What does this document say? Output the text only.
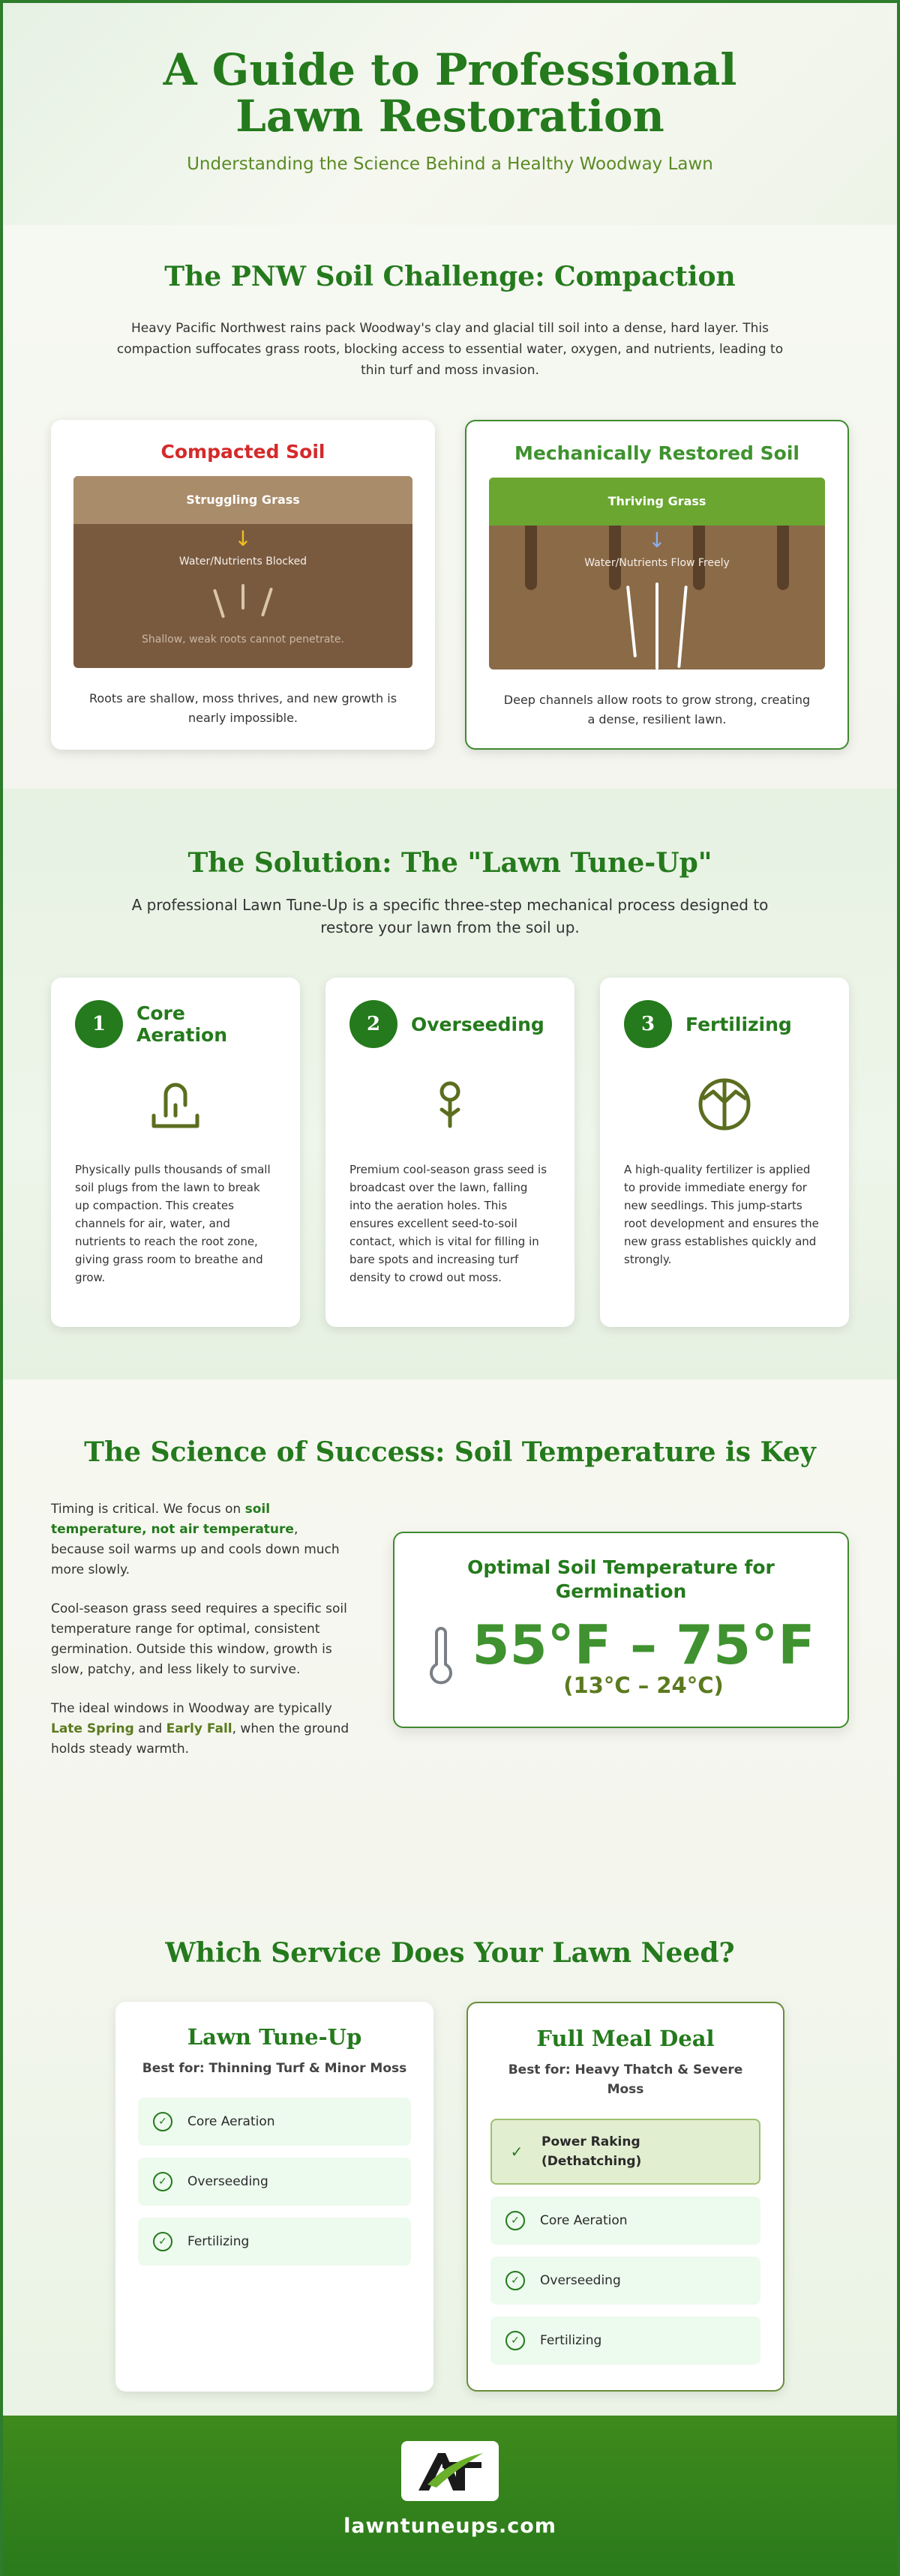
A Guide to Professional Lawn Restoration
Understanding the Science Behind a Healthy Woodway Lawn
The PNW Soil Challenge: Compaction

Heavy Pacific Northwest rains pack Woodway's clay and glacial till soil into a dense, hard layer. This compaction suffocates grass roots, blocking access to essential water, oxygen, and nutrients, leading to thin turf and moss invasion.

Compacted Soil
Struggling Grass
↓
Water/Nutrients Blocked
Shallow, weak roots cannot penetrate.

Roots are shallow, moss thrives, and new growth is nearly impossible.

Mechanically Restored Soil
Thriving Grass
↓
Water/Nutrients Flow Freely

Deep channels allow roots to grow strong, creating a dense, resilient lawn.

The Solution: The "Lawn Tune-Up"

A professional Lawn Tune-Up is a specific three-step mechanical process designed to restore your lawn from the soil up.

1	Core Aeration

Physically pulls thousands of small soil plugs from the lawn to break up compaction. This creates channels for air, water, and nutrients to reach the root zone, giving grass room to breathe and grow.

2	Overseeding

Premium cool-season grass seed is broadcast over the lawn, falling into the aeration holes. This ensures excellent seed-to-soil contact, which is vital for filling in bare spots and increasing turf density to crowd out moss.

3	Fertilizing

A high-quality fertilizer is applied to provide immediate energy for new seedlings. This jump-starts root development and ensures the new grass establishes quickly and strongly.

The Science of Success: Soil Temperature is Key

Timing is critical. We focus on soil temperature, not air temperature, because soil warms up and cools down much more slowly.

Cool-season grass seed requires a specific soil temperature range for optimal, consistent germination. Outside this window, growth is slow, patchy, and less likely to survive.

The ideal windows in Woodway are typically Late Spring and Early Fall, when the ground holds steady warmth.

Optimal Soil Temperature for Germination
55°F – 75°F
(13°C – 24°C)
Which Service Does Your Lawn Need?
Lawn Tune-Up
Best for: Thinning Turf & Minor Moss
✓	Core Aeration
✓	Overseeding
✓	Fertilizing
Full Meal Deal
Best for: Heavy Thatch & Severe Moss
✓
Power Raking (Dethatching)
✓	Core Aeration
✓	Overseeding
✓	Fertilizing
lawntuneups.com
